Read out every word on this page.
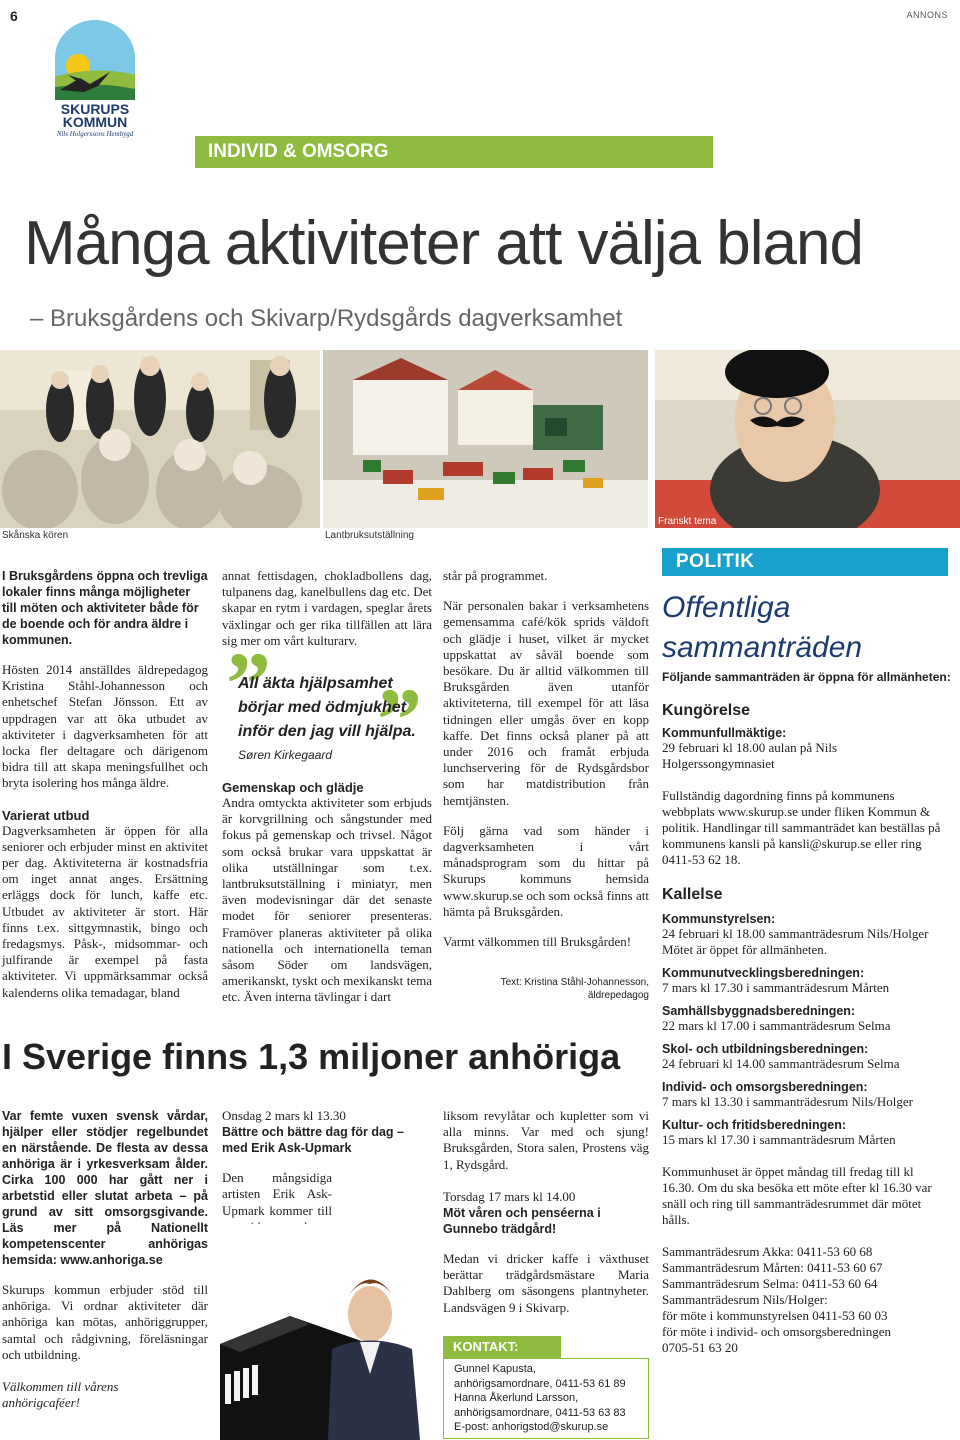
6	ANNONS
SKURUPS KOMMUN
Nils Holgerssons Hembygd
INDIVID & OMSORG
Många aktiviteter att välja bland
– Bruksgårdens och Skivarp/Rydsgårds dagverksamhet
Skånska kören	Lantbruksutställning
Franskt tema

I Bruksgårdens öppna och trevliga lokaler finns många möjligheter till möten och aktiviteter både för de boende och för andra äldre i kommunen.

Hösten 2014 anställdes äldrepedagog Kristina Ståhl-Johannesson och enhetschef Stefan Jönsson. Ett av uppdragen var att öka utbudet av aktiviteter i dagverksamheten för att locka fler deltagare och därigenom bidra till att skapa meningsfullhet och bryta isolering hos många äldre.

Varierat utbud

Dagverksamheten är öppen för alla seniorer och erbjuder minst en aktivitet per dag. Aktiviteterna är kostnadsfria om inget annat anges. Ersättning erläggs dock för lunch, kaffe etc. Utbudet av aktiviteter är stort. Här finns t.ex. sittgymnastik, bingo och fredagsmys. Påsk-, midsommar- och julfirande är exempel på fasta aktiviteter. Vi uppmärksammar också kalenderns olika temadagar, bland

annat fettisdagen, chokladbollens dag, tulpanens dag, kanelbullens dag etc. Det skapar en rytm i vardagen, speglar årets växlingar och ger rika tillfällen att lära sig mer om vårt kulturarv.

” ”
All äkta hjälpsamhet börjar med ödmjukhet inför den jag vill hjälpa.
Søren Kirkegaard

Gemenskap och glädje

Andra omtyckta aktiviteter som erbjuds är korvgrillning och sångstunder med fokus på gemenskap och trivsel. Något som också brukar vara uppskattat är olika utställningar som t.ex. lantbruksutställning i miniatyr, men även modevisningar där det senaste modet för seniorer presenteras. Framöver planeras aktiviteter på olika nationella och internationella teman såsom Söder om landsvägen, amerikanskt, tyskt och mexikanskt tema etc. Även interna tävlingar i dart

står på programmet.

När personalen bakar i verksamhetens gemensamma café/kök sprids väldoft och glädje i huset, vilket är mycket uppskattat av såväl boende som besökare. Du är alltid välkommen till Bruksgården även utanför aktiviteterna, till exempel för att läsa tidningen eller umgås över en kopp kaffe. Det finns också planer på att under 2016 och framåt erbjuda lunchservering för de Rydsgårdsbor som har matdistribution från hemtjänsten.

Följ gärna vad som händer i dagverksamheten i vårt månadsprogram som du hittar på Skurups kommuns hemsida www.skurup.se och som också finns att hämta på Bruksgården.

Varmt välkommen till Bruksgården!

Text: Kristina Ståhl-Johannesson,
äldrepedagog
I Sverige finns 1,3 miljoner anhöriga

Var femte vuxen svensk vårdar, hjälper eller stödjer regelbundet en närstående. De flesta av dessa anhöriga är i yrkesverksam ålder. Cirka 100 000 har gått ner i arbetstid eller slutat arbeta – på grund av sitt omsorgsgivande. Läs mer på Nationellt kompetenscenter anhörigas hemsida: www.anhoriga.se

Skurups kommun erbjuder stöd till anhöriga. Vi ordnar aktiviteter där anhöriga kan mötas, anhöriggrupper, samtal och rådgivning, föreläsningar och utbildning.

Välkommen till vårens anhörigcaféer!

Onsdag 2 mars kl 13.30

Bättre och bättre dag för dag – med Erik Ask-Upmark

Den mångsidiga artisten Erik Ask-Upmark kommer till

liksom revylåtar och kupletter som vi alla minns. Var med och sjung! Bruksgården, Stora salen, Prostens väg 1, Rydsgård.

Torsdag 17 mars kl 14.00

Möt våren och penséerna i Gunnebo trädgård!

Medan vi dricker kaffe i växthuset berättar trädgårdsmästare Maria Dahlberg om säsongens plantnyheter. Landsvägen 9 i Skivarp.

KONTAKT:
Gunnel Kapusta,
anhörigsamordnare, 0411-53 61 89
Hanna Åkerlund Larsson,
anhörigsamordnare, 0411-53 63 83
E-post: anhorigstod@skurup.se
POLITIK
Offentliga sammanträden

Följande sammanträden är öppna för allmänheten:

Kungörelse

Kommunfullmäktige:

29 februari kl 18.00 aulan på Nils Holgerssongymnasiet

Fullständig dagordning finns på kommunens webbplats www.skurup.se under fliken Kommun & politik. Handlingar till sammanträdet kan beställas på kommunens kansli på kansli@skurup.se eller ring 0411-53 62 18.

Kallelse

Kommunstyrelsen:

24 februari kl 18.00 sammanträdesrum Nils/Holger Mötet är öppet för allmänheten.

Kommunutvecklingsberedningen:

7 mars kl 17.30 i sammanträdesrum Mårten

Samhällsbyggnadsberedningen:

22 mars kl 17.00 i sammanträdesrum Selma

Skol- och utbildningsberedningen:

24 februari kl 14.00 sammanträdesrum Selma

Individ- och omsorgsberedningen:

7 mars kl 13.30 i sammanträdesrum Nils/Holger

Kultur- och fritidsberedningen:

15 mars kl 17.30 i sammanträdesrum Mårten

Kommunhuset är öppet måndag till fredag till kl 16.30. Om du ska besöka ett möte efter kl 16.30 var snäll och ring till sammanträdesrummet där mötet hålls.

Sammanträdesrum Akka: 0411-53 60 68

Sammanträdesrum Mårten: 0411-53 60 67

Sammanträdesrum Selma: 0411-53 60 64

Sammanträdesrum Nils/Holger:

för möte i kommunstyrelsen 0411-53 60 03

för möte i individ- och omsorgsberedningen

0705-51 63 20
